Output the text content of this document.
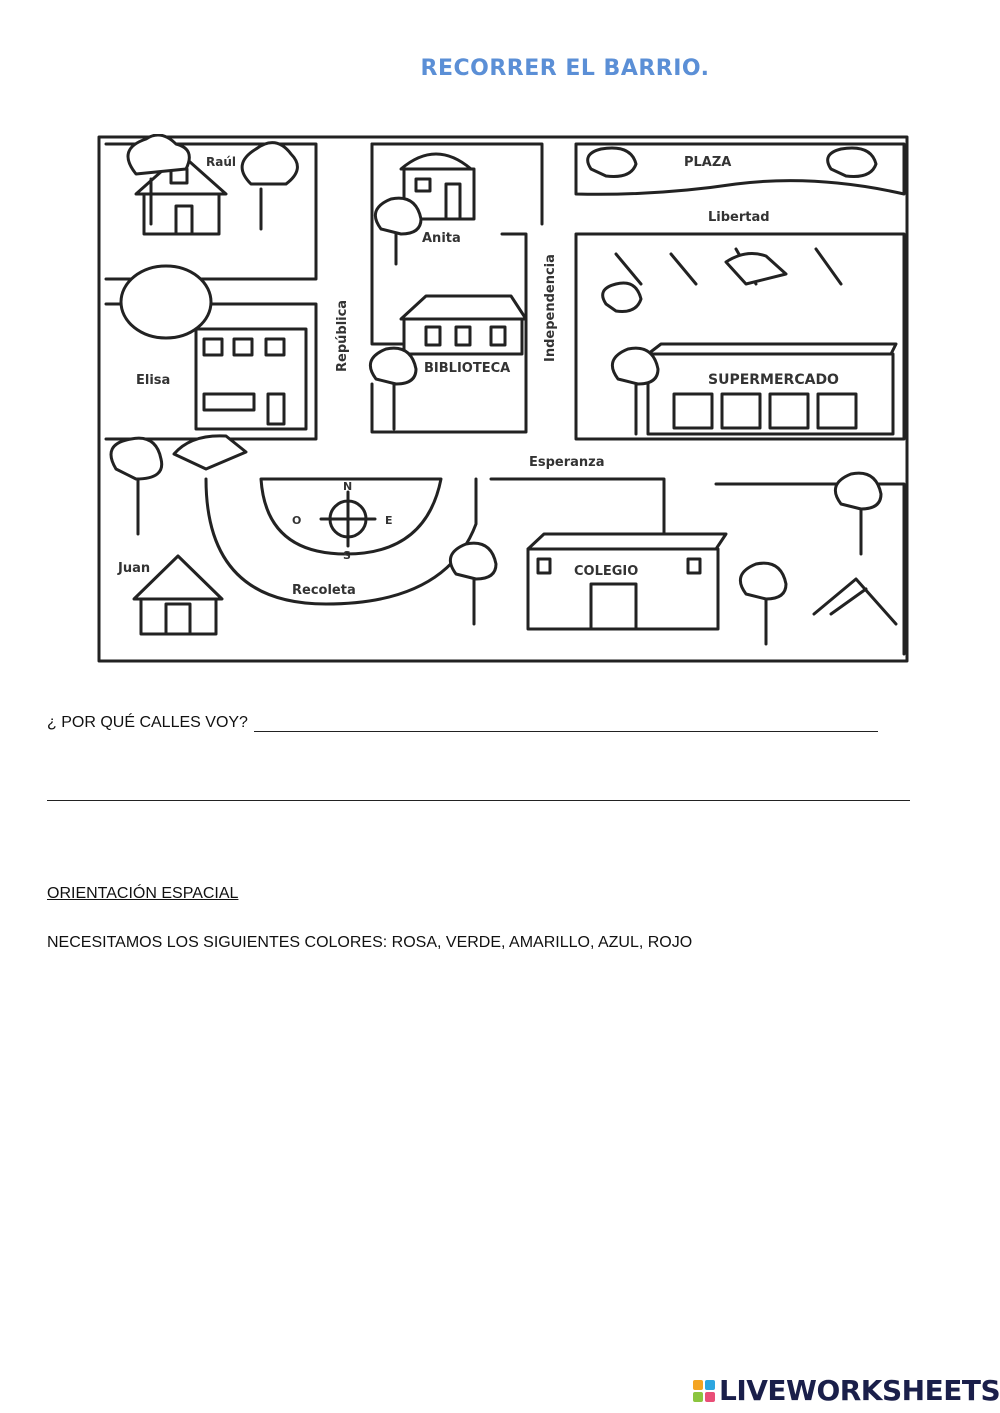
RECORRER EL BARRIO.
Raúl
Anita
Elisa
Juan
PLAZA
BIBLIOTECA
SUPERMERCADO
COLEGIO
Libertad
Independencia
República
Esperanza
Recoleta
N
O	E
S
¿ POR QUÉ CALLES VOY?
ORIENTACIÓN ESPACIAL
NECESITAMOS LOS SIGUIENTES COLORES: ROSA, VERDE, AMARILLO, AZUL, ROJO
LIVEWORKSHEETS
